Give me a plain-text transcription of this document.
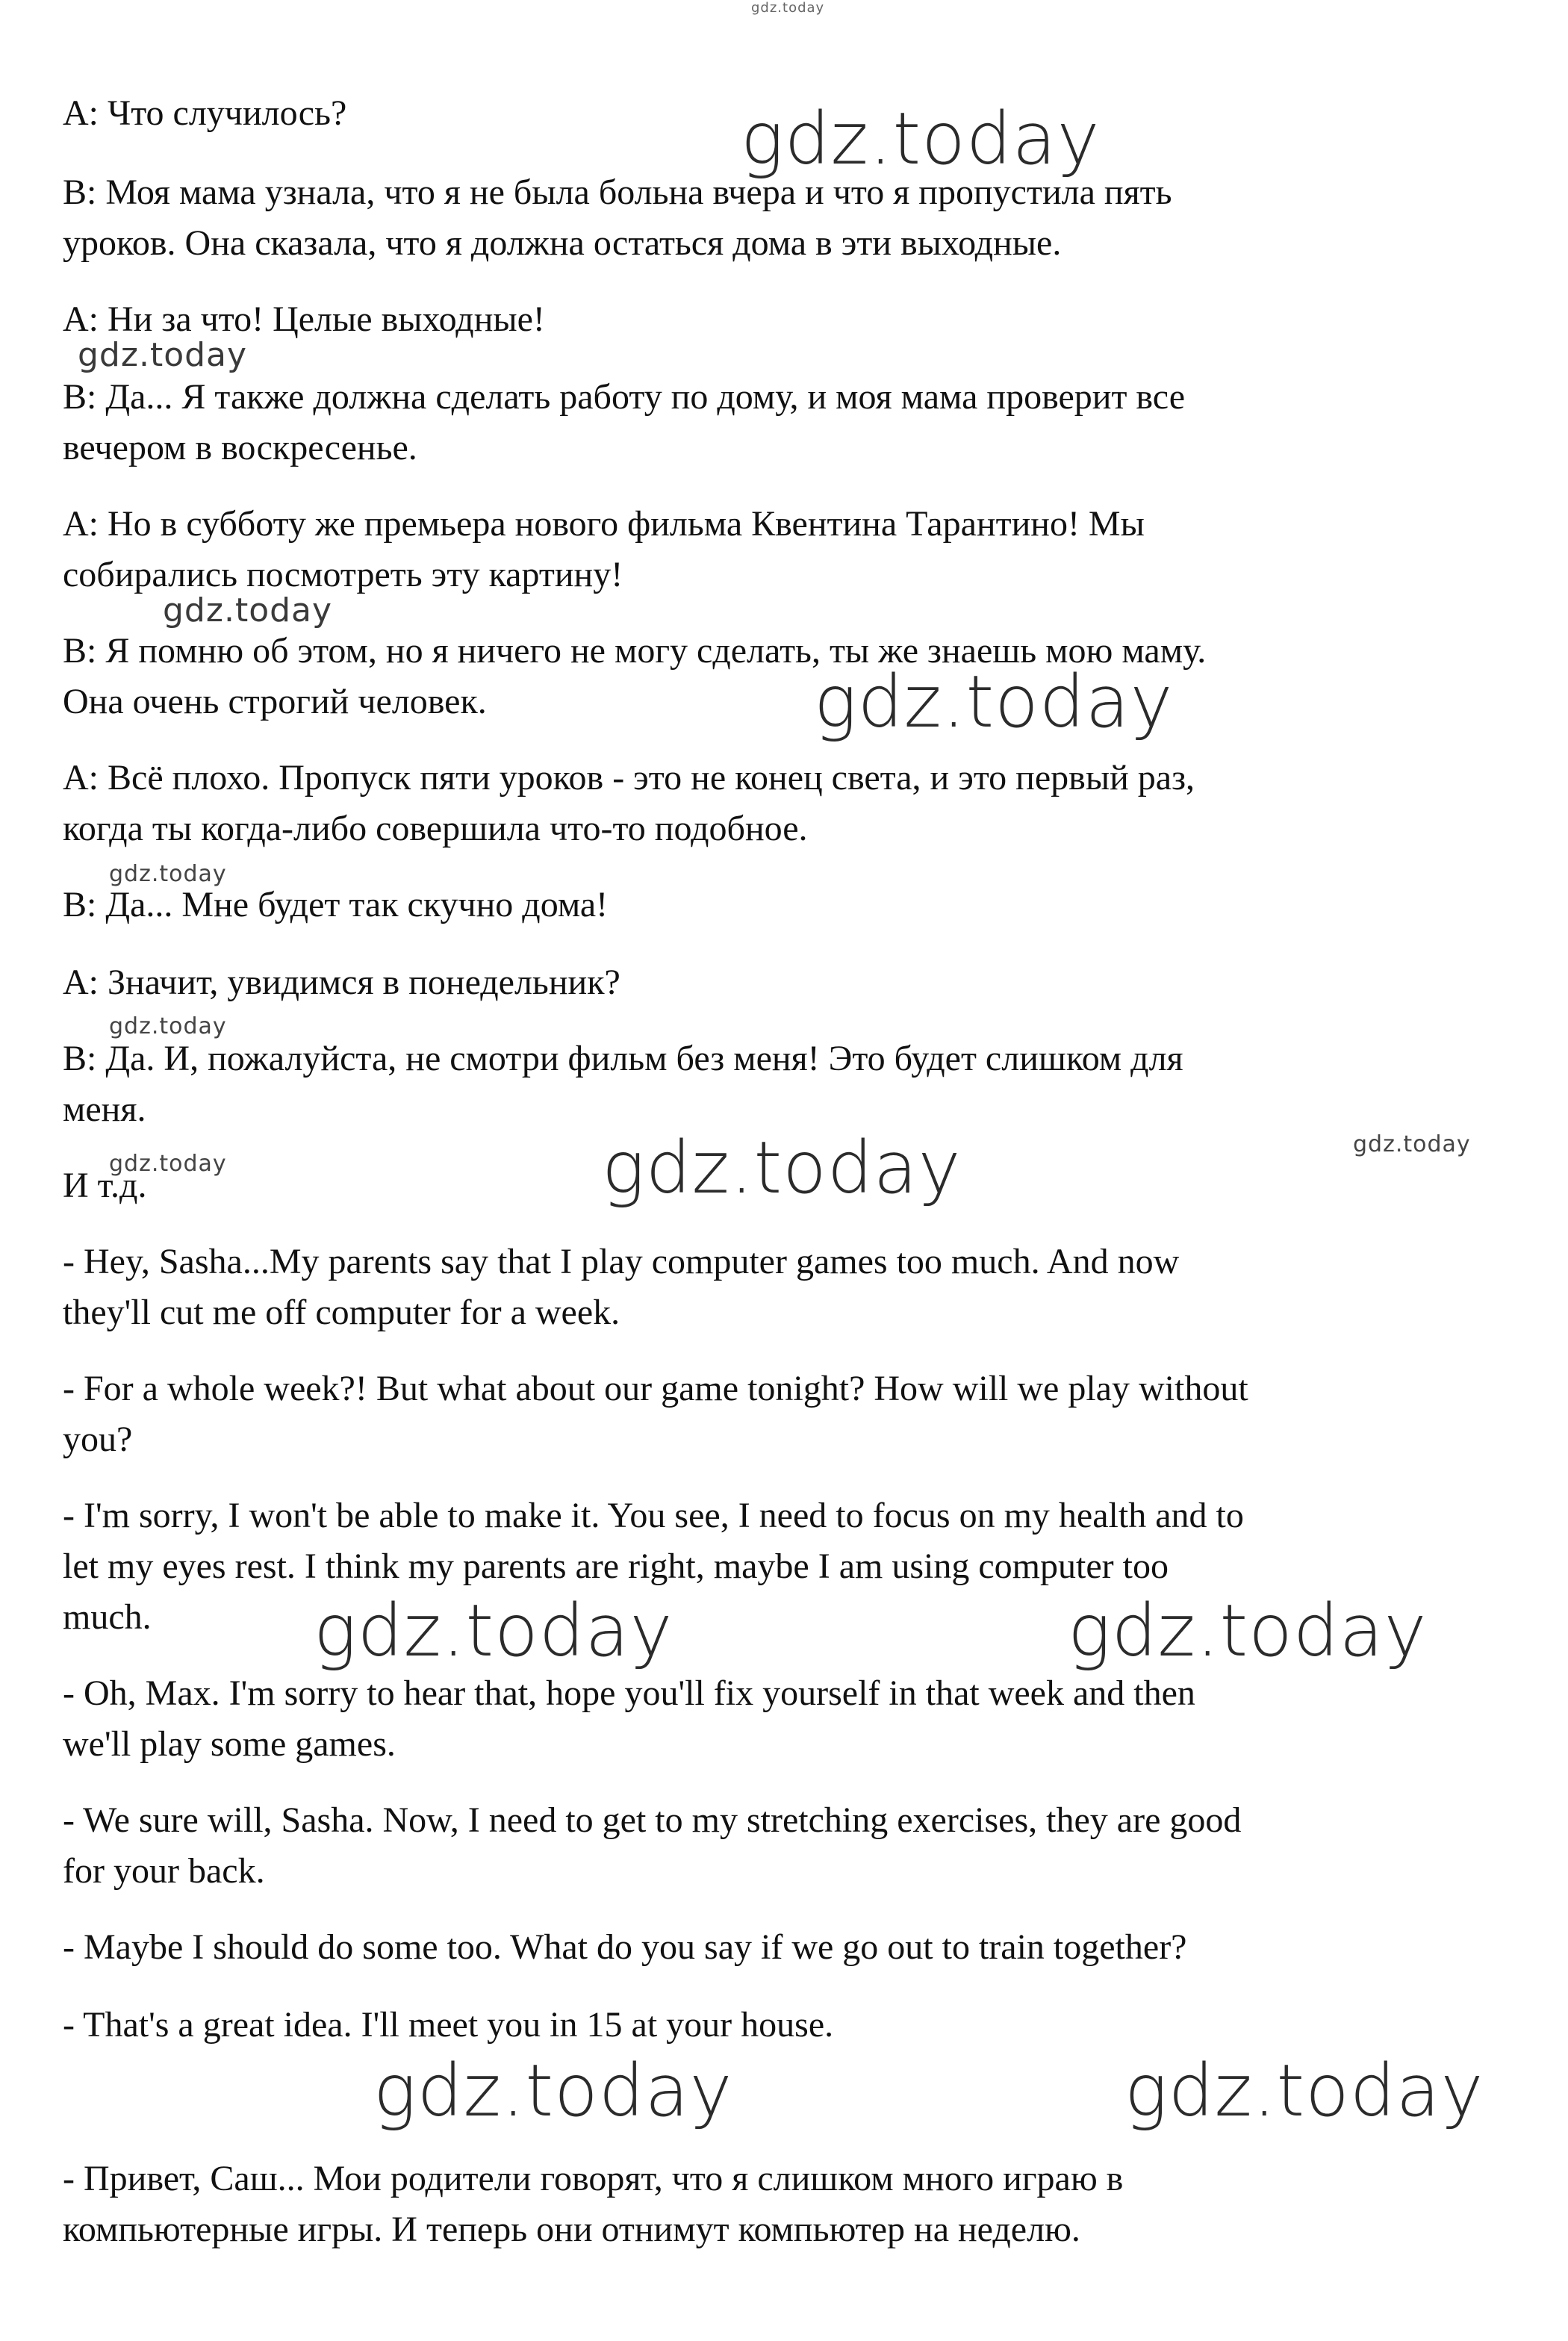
gdz.today
gdz.today
gdz.today
gdz.today
gdz.today
gdz.today
gdz.today
gdz.today	gdz.today	gdz.today
gdz.today	gdz.today
gdz.today	gdz.today

A: Что случилось?

B: Моя мама узнала, что я не была больна вчера и что я пропустила пять
уроков. Она сказала, что я должна остаться дома в эти выходные.

A: Ни за что! Целые выходные!

B: Да... Я также должна сделать работу по дому, и моя мама проверит все
вечером в воскресенье.

A: Но в субботу же премьера нового фильма Квентина Тарантино! Мы
собирались посмотреть эту картину!

B: Я помню об этом, но я ничего не могу сделать, ты же знаешь мою маму.
Она очень строгий человек.

A: Всё плохо. Пропуск пяти уроков - это не конец света, и это первый раз,
когда ты когда-либо совершила что-то подобное.

B: Да... Мне будет так скучно дома!

A: Значит, увидимся в понедельник?

B: Да. И, пожалуйста, не смотри фильм без меня! Это будет слишком для
меня.

И т.д.

- Hey, Sasha...My parents say that I play computer games too much. And now
they'll cut me off computer for a week.

- For a whole week?! But what about our game tonight? How will we play without
you?

- I'm sorry, I won't be able to make it. You see, I need to focus on my health and to
let my eyes rest. I think my parents are right, maybe I am using computer too
much.

- Oh, Max. I'm sorry to hear that, hope you'll fix yourself in that week and then
we'll play some games.

- We sure will, Sasha. Now, I need to get to my stretching exercises, they are good
for your back.

- Maybe I should do some too. What do you say if we go out to train together?

- That's a great idea. I'll meet you in 15 at your house.

- Привет, Саш... Мои родители говорят, что я слишком много играю в
компьютерные игры. И теперь они отнимут компьютер на неделю.
